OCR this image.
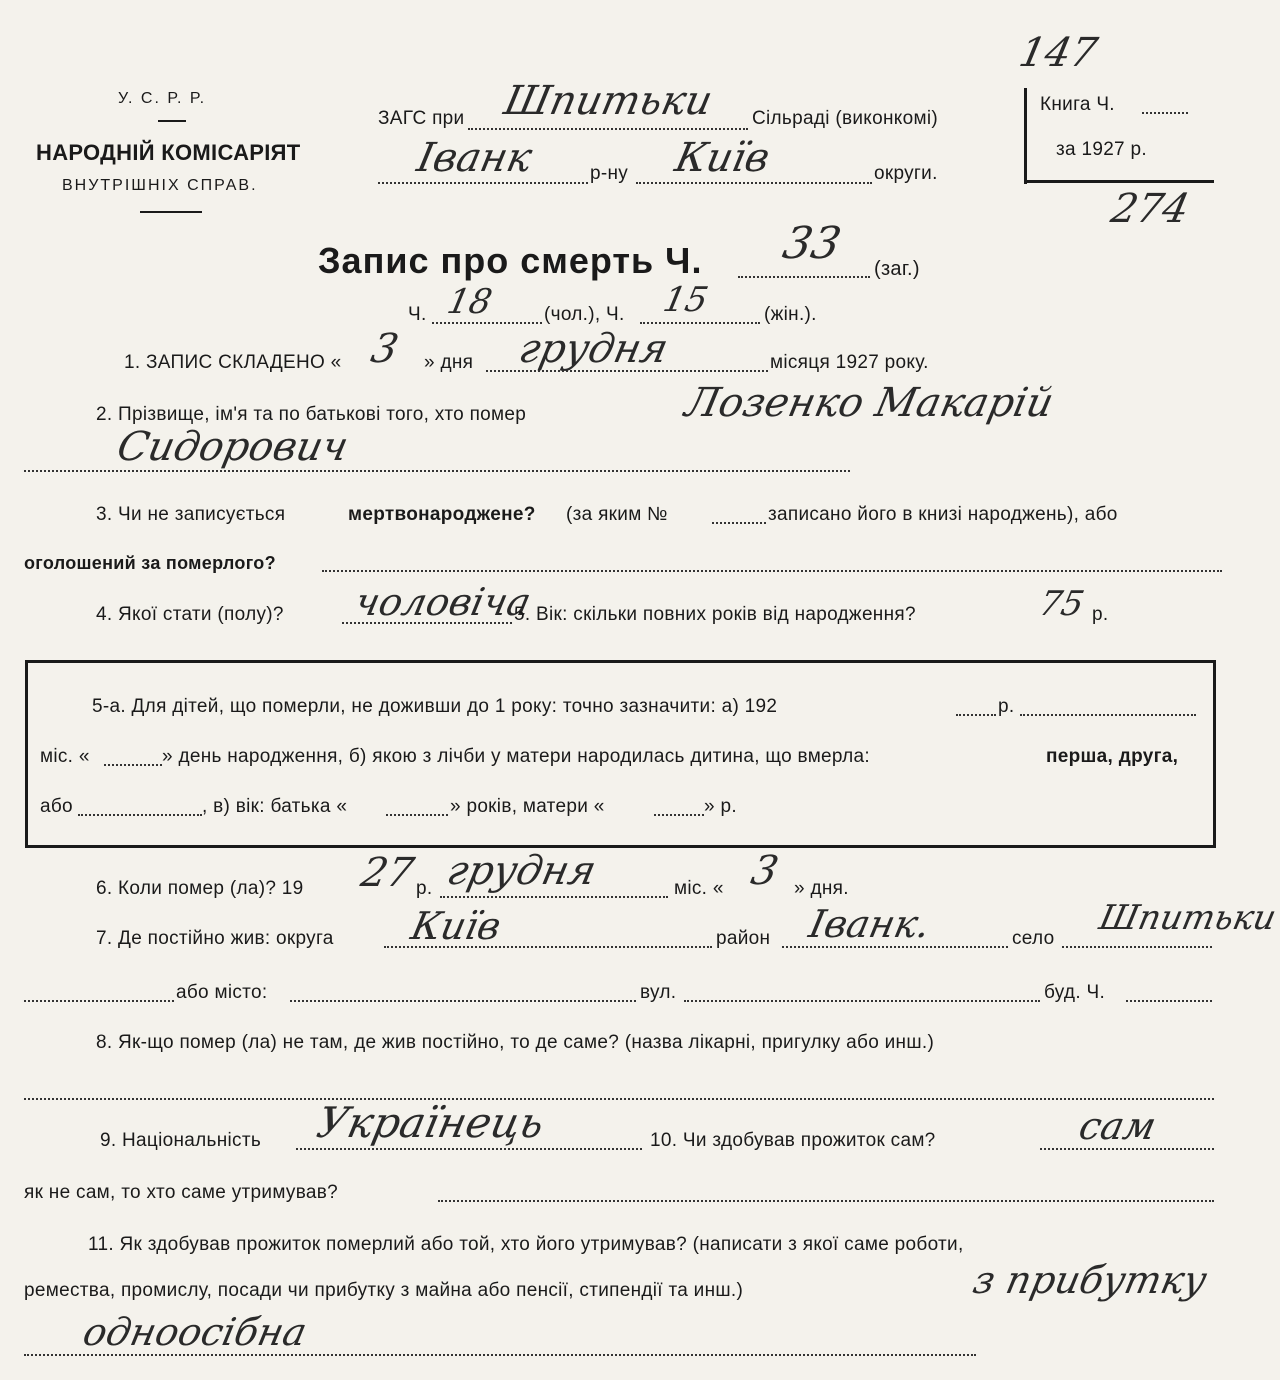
У. С. Р. Р.
НАРОДНІЙ КОМІСАРІЯТ
ВНУТРІШНІХ СПРАВ.
ЗАГС при Шпитьки Сільраді (виконкомі)
Іванк	р-ну Київ	округи.
Книга Ч.
за 1927 р.
147
274
Запис про смерть Ч. 33 (заг.)
Ч. 18	(чол.), Ч. 15	(жін.).
1. ЗАПИС СКЛАДЕНО « 3 » дня грудня	місяця 1927 року.
2. Прізвище, ім'я та по батькові того, хто помер	Лозенко Макарій
Сидорович
3. Чи не записується	мертвонароджене? (за яким №	записано його в книзі народжень), або
оголошений за померлого?
4. Якої стати (полу)? чоловіча
5. Вік: скільки повних років від народження?	75 р.
5-а. Для дітей, що померли, не доживши до 1 року: точно зазначити: а) 192	р.
міс. «	» день народження, б) якою з лічби у матери народилась дитина, що вмерла:	перша, друга,
або	, в) вік: батька «	» років, матери «	» р.
6. Коли помер (ла)? 19 27
р. грудня	міс. « 3 » дня.
7. Де постійно жив: округа Київ	район Іванк.	село
Шпитьки
або місто:	вул.	буд. Ч.
8. Як-що помер (ла) не там, де жив постійно, то де саме? (назва лікарні, пригулку або инш.)
9. Національність Українець	10. Чи здобував прожиток сам?	сам
як не сам, то хто саме утримував?
11. Як здобував прожиток померлий або той, хто його утримував? (написати з якої саме роботи,
ремества, промислу, посади чи прибутку з майна або пенсії, стипендії та инш.)	з прибутку
одноосібна
